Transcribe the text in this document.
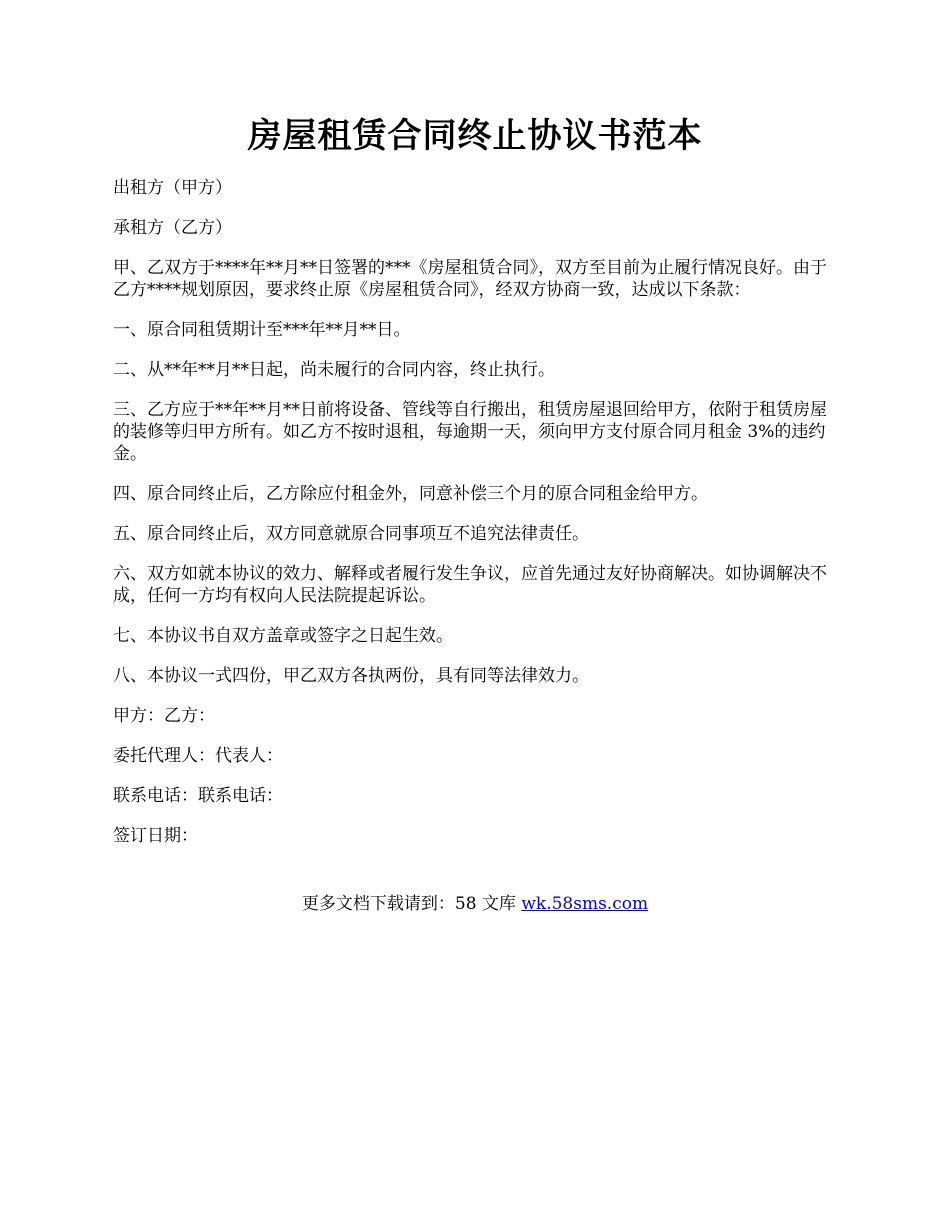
房屋租赁合同终止协议书范本

出租方（甲方）

承租方（乙方）

甲、乙双方于****年**月**日签署的***《房屋租赁合同》，双方至目前为止履行情况良好。由于乙方****规划原因，要求终止原《房屋租赁合同》，经双方协商一致，达成以下条款：

一、原合同租赁期计至***年**月**日。

二、从**年**月**日起，尚未履行的合同内容，终止执行。

三、乙方应于**年**月**日前将设备、管线等自行搬出，租赁房屋退回给甲方，依附于租赁房屋的装修等归甲方所有。如乙方不按时退租，每逾期一天，须向甲方支付原合同月租金 3%的违约金。

四、原合同终止后，乙方除应付租金外，同意补偿三个月的原合同租金给甲方。

五、原合同终止后，双方同意就原合同事项互不追究法律责任。

六、双方如就本协议的效力、解释或者履行发生争议，应首先通过友好协商解决。如协调解决不成，任何一方均有权向人民法院提起诉讼。

七、本协议书自双方盖章或签字之日起生效。

八、本协议一式四份，甲乙双方各执两份，具有同等法律效力。

甲方：乙方：

委托代理人：代表人：

联系电话：联系电话：

签订日期：

更多文档下载请到：58 文库 wk.58sms.com
